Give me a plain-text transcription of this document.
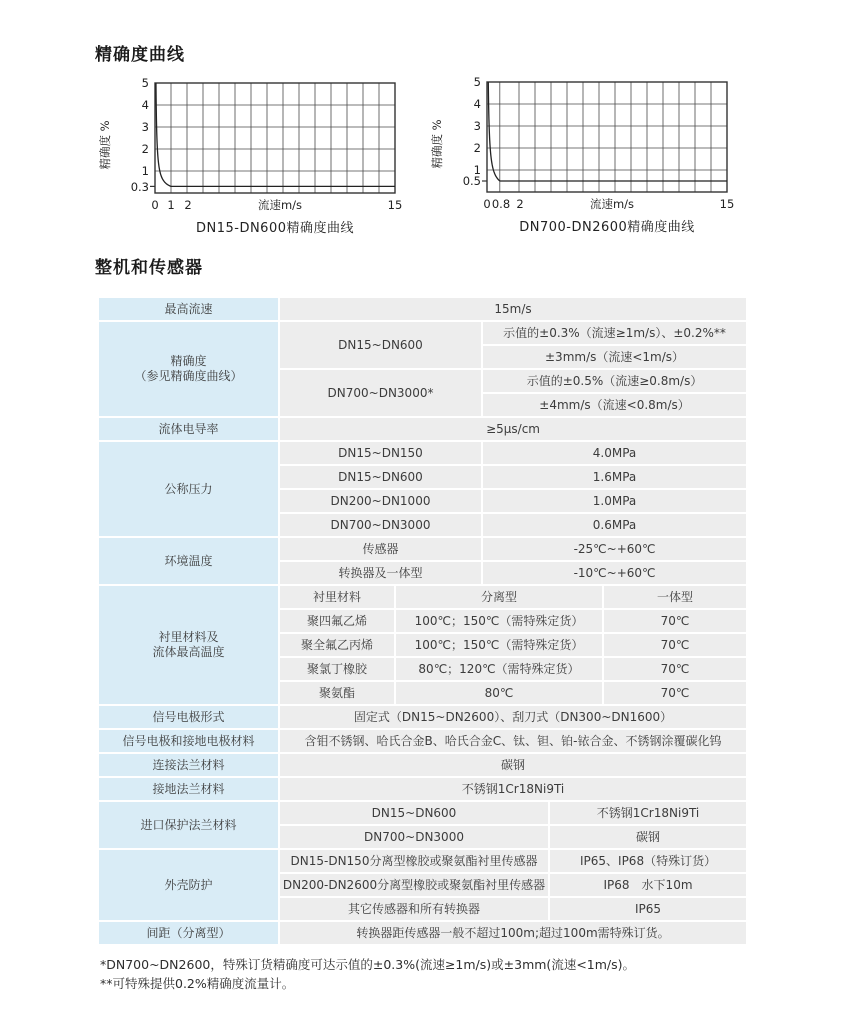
精确度曲线
5
4
3
2
1
0.3
精确度 %
0 1 2	15
流速m/s
DN15-DN600精确度曲线
5
4
3
2
1
0.5
精确度 %
0 0.8 2	15
流速m/s
DN700-DN2600精确度曲线
整机和传感器
最高流速	15m/s				

精确度
（参见精确度曲线）	DN15~DN600		示值的±0.3%（流速≥1m/s）、±0.2%**		
			±3mm/s（流速<1m/s）		
	DN700~DN3000*		示值的±0.5%（流速≥0.8m/s）		
			±4mm/s（流速<0.8m/s）		
流体电导率	≥5μs/cm				
公称压力	DN15~DN150		4.0MPa		
	DN15~DN600		1.6MPa		
	DN200~DN1000		1.0MPa		
	DN700~DN3000		0.6MPa		
环境温度	传感器		-25℃~+60℃		
	转换器及一体型		-10℃~+60℃		

衬里材料及
流体最高温度	衬里材料	分离型			一体型
	聚四氟乙烯	100℃；150℃（需特殊定货）			70℃
	聚全氟乙丙烯	100℃；150℃（需特殊定货）			70℃
	聚氯丁橡胶	80℃；120℃（需特殊定货）			70℃
	聚氨酯	80℃			70℃
信号电极形式	固定式（DN15~DN2600）、刮刀式（DN300~DN1600）				
信号电极和接地电极材料	含钼不锈钢、哈氏合金B、哈氏合金C、钛、钽、铂-铱合金、不锈钢涂覆碳化钨				
连接法兰材料	碳钢				
接地法兰材料	不锈钢1Cr18Ni9Ti				
进口保护法兰材料	DN15~DN600			不锈钢1Cr18Ni9Ti	
	DN700~DN3000			碳钢	
外壳防护	DN15-DN150分离型橡胶或聚氨酯衬里传感器			IP65、IP68（特殊订货）	
	DN200-DN2600分离型橡胶或聚氨酯衬里传感器			IP68　水下10m	
	其它传感器和所有转换器			IP65	
间距（分离型）	转换器距传感器一般不超过100m;超过100m需特殊订货。				
*DN700~DN2600，特殊订货精确度可达示值的±0.3%(流速≥1m/s)或±3mm(流速<1m/s)。
**可特殊提供0.2%精确度流量计。
